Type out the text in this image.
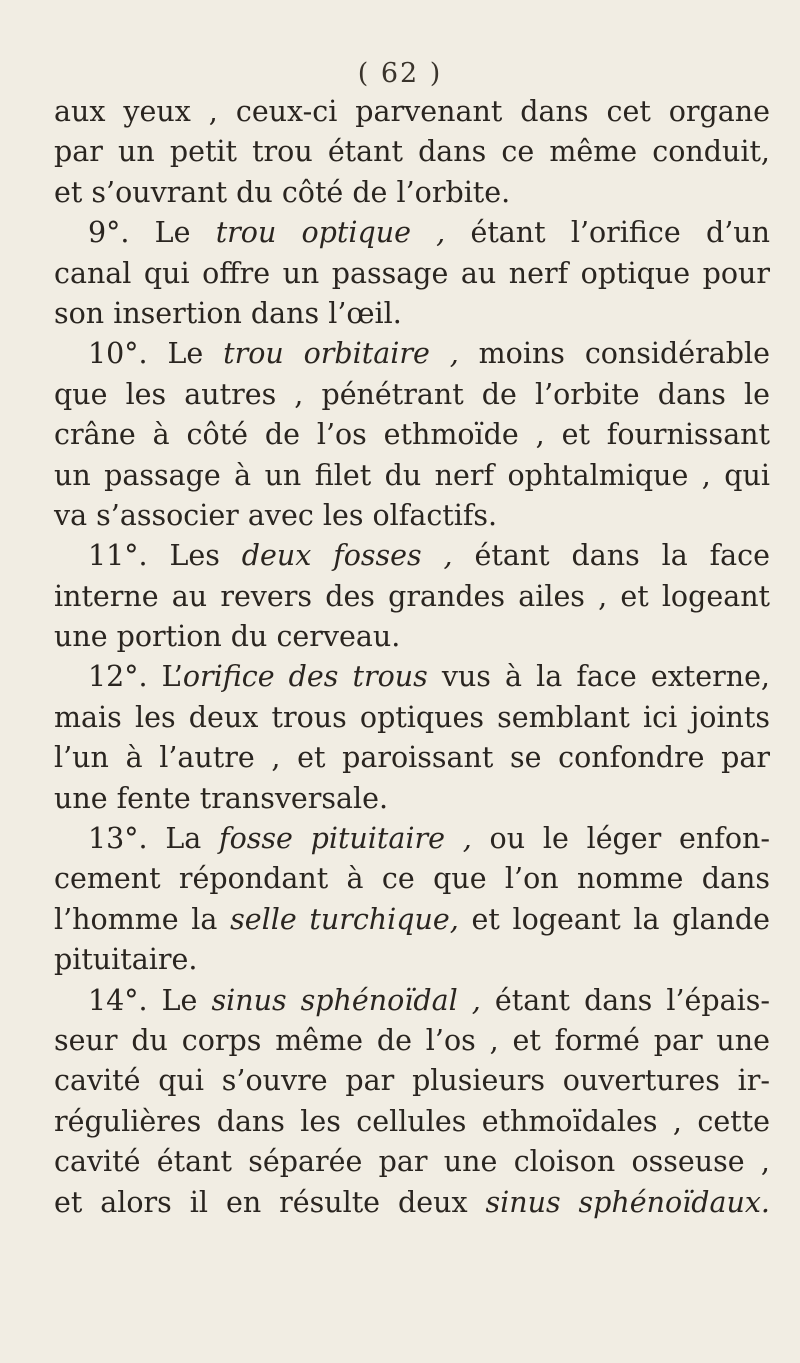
( 62 )
aux yeux , ceux-ci parvenant dans cet organe
par un petit trou étant dans ce même conduit,
et s’ouvrant du côté de l’orbite.
9°. Le trou optique , étant l’orifice d’un
canal qui offre un passage au nerf optique pour
son insertion dans l’œil.
10°. Le trou orbitaire , moins considérable
que les autres , pénétrant de l’orbite dans le
crâne à côté de l’os ethmoïde , et fournissant
un passage à un filet du nerf ophtalmique , qui
va s’associer avec les olfactifs.
11°. Les deux fosses , étant dans la face
interne au revers des grandes ailes , et logeant
une portion du cerveau.
12°. L’orifice des trous vus à la face externe,
mais les deux trous optiques semblant ici joints
l’un à l’autre , et paroissant se confondre par
une fente transversale.
13°. La fosse pituitaire , ou le léger enfon-
cement répondant à ce que l’on nomme dans
l’homme la selle turchique, et logeant la glande
pituitaire.
14°. Le sinus sphénoïdal , étant dans l’épais-
seur du corps même de l’os , et formé par une
cavité qui s’ouvre par plusieurs ouvertures ir-
régulières dans les cellules ethmoïdales , cette
cavité étant séparée par une cloison osseuse ,
et alors il en résulte deux sinus sphénoïdaux.
